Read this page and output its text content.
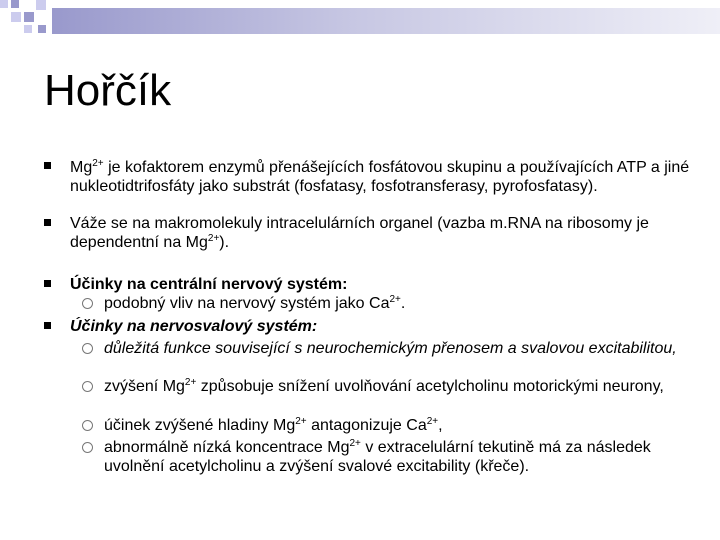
Hořčík
$Mg^{2+}$ je kofaktorem enzymů přenášejících fosfátovou skupinu a používajících ATP a jiné nukleotidtrifosfáty jako substrát (fosfatasy, fosfotransferasy, pyrofosfatasy).
Váže se na makromolekuly intracelulárních organel (vazba m.RNA na ribosomy je dependentní na $Mg^{2+}$).
Účinky na centrální nervový systém:
podobný vliv na nervový systém jako $Ca^{2+}$.
Účinky na nervosvalový systém:
důležitá funkce související s neurochemickým přenosem a svalovou excitabilitou,
zvýšení $Mg^{2+}$ způsobuje snížení uvolňování acetylcholinu motorickými neurony,
účinek zvýšené hladiny $Mg^{2+}$ antagonizuje $Ca^{2+}$,
abnormálně nízká koncentrace $Mg^{2+}$ v extracelulární tekutině má za následek uvolnění acetylcholinu a zvýšení svalové excitability (křeče).
